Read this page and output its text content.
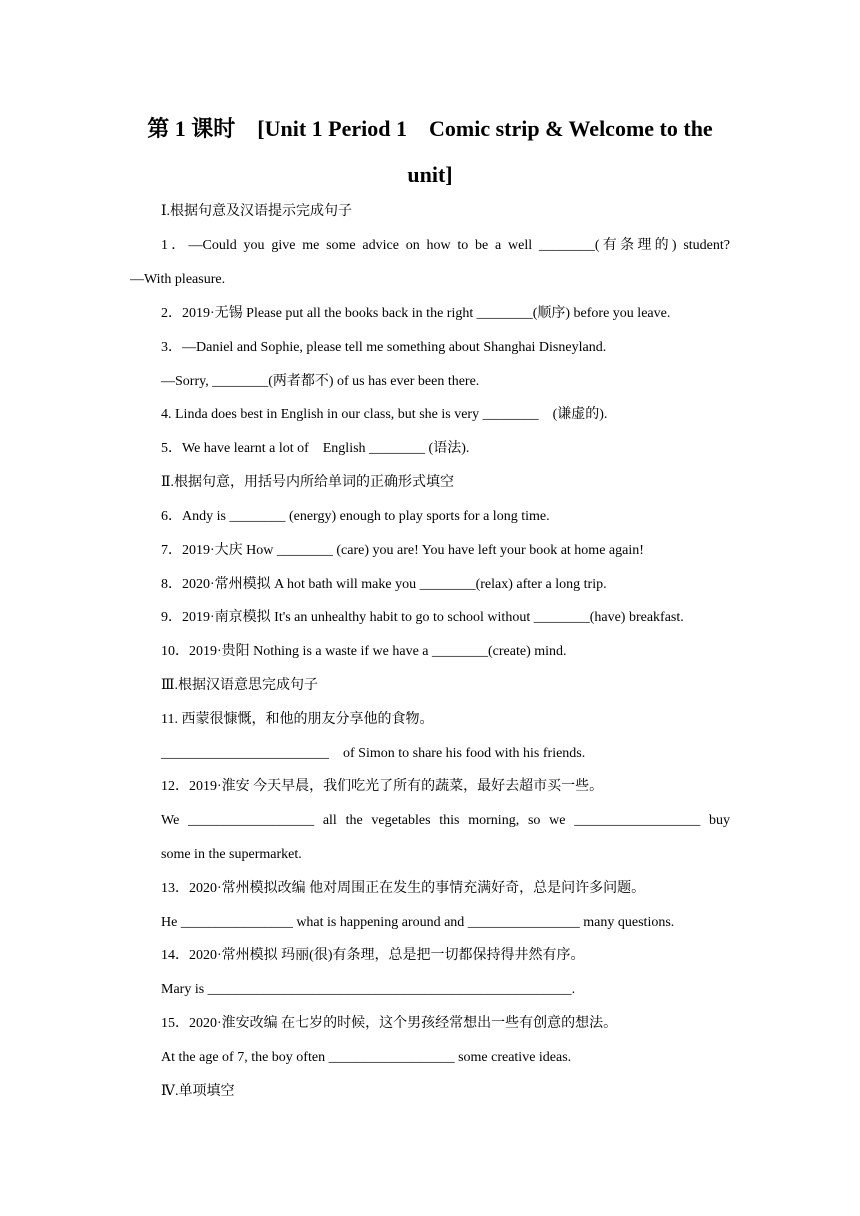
第 1 课时　[Unit 1 Period 1　Comic strip & Welcome to the
unit]
Ⅰ.根据句意及汉语提示完成句子
1．—Could you give me some advice on how to be a well ________(有条理的) student?
—With pleasure.
2．2019·无锡 Please put all the books back in the right ________(顺序) before you leave.
3．—Daniel and Sophie, please tell me something about Shanghai Disneyland.
—Sorry, ________(两者都不) of us has ever been there.
4. Linda does best in English in our class, but she is very ________　(谦虚的).
5．We have learnt a lot of　English ________ (语法).
Ⅱ.根据句意，用括号内所给单词的正确形式填空
6．Andy is ________ (energy) enough to play sports for a long time.
7．2019·大庆 How ________ (care) you are! You have left your book at home again!
8．2020·常州模拟 A hot bath will make you ________(relax) after a long trip.
9．2019·南京模拟 It's an unhealthy habit to go to school without ________(have) breakfast.
10．2019·贵阳 Nothing is a waste if we have a ________(create) mind.
Ⅲ.根据汉语意思完成句子
11. 西蒙很慷慨，和他的朋友分享他的食物。
________________________　of Simon to share his food with his friends.
12．2019·淮安 今天早晨，我们吃光了所有的蔬菜，最好去超市买一些。
We __________________ all the vegetables this morning, so we __________________ buy
some in the supermarket.
13．2020·常州模拟改编 他对周围正在发生的事情充满好奇，总是问许多问题。
He ________________ what is happening around and ________________ many questions.
14．2020·常州模拟 玛丽(很)有条理，总是把一切都保持得井然有序。
Mary is ____________________________________________________.
15．2020·淮安改编 在七岁的时候，这个男孩经常想出一些有创意的想法。
At the age of 7, the boy often __________________ some creative ideas.
Ⅳ.单项填空
